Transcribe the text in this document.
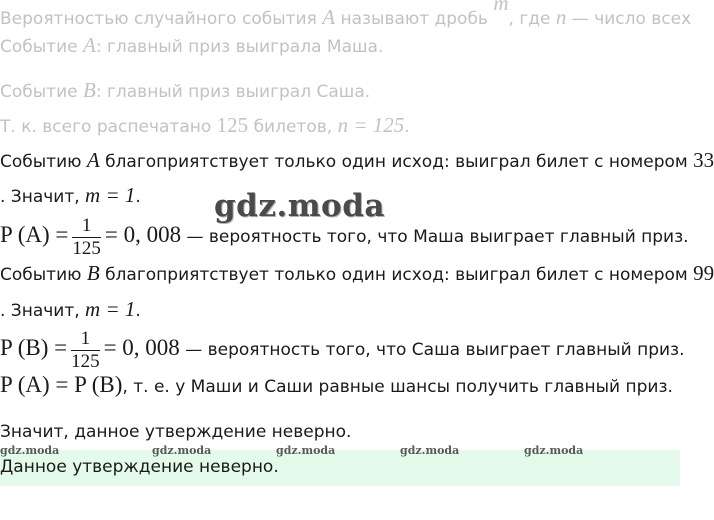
Вероятностью случайного события A называют дробь m, где n — число всех
Событие A: главный приз выиграла Маша.
Событие B: главный приз выиграл Саша.
Т. к. всего распечатано 125 билетов, n = 125.
Событию A благоприятствует только один исход: выиграл билет с номером 33
. Значит, m = 1.
P $(A) = \frac{1}{125} = 0$, 008 — вероятность того, что Маша выиграет главный приз.
Событию B благоприятствует только один исход: выиграл билет с номером 99
. Значит, m = 1.
P $(B) = \frac{1}{125} = 0$, 008 — вероятность того, что Саша выиграет главный приз.
P (A) = P (B), т. е. у Маши и Саши равные шансы получить главный приз.
Значит, данное утверждение неверно.
Данное утверждение неверно.
gdz.moda
gdz.moda	gdz.moda	gdz.moda	gdz.moda	gdz.moda
